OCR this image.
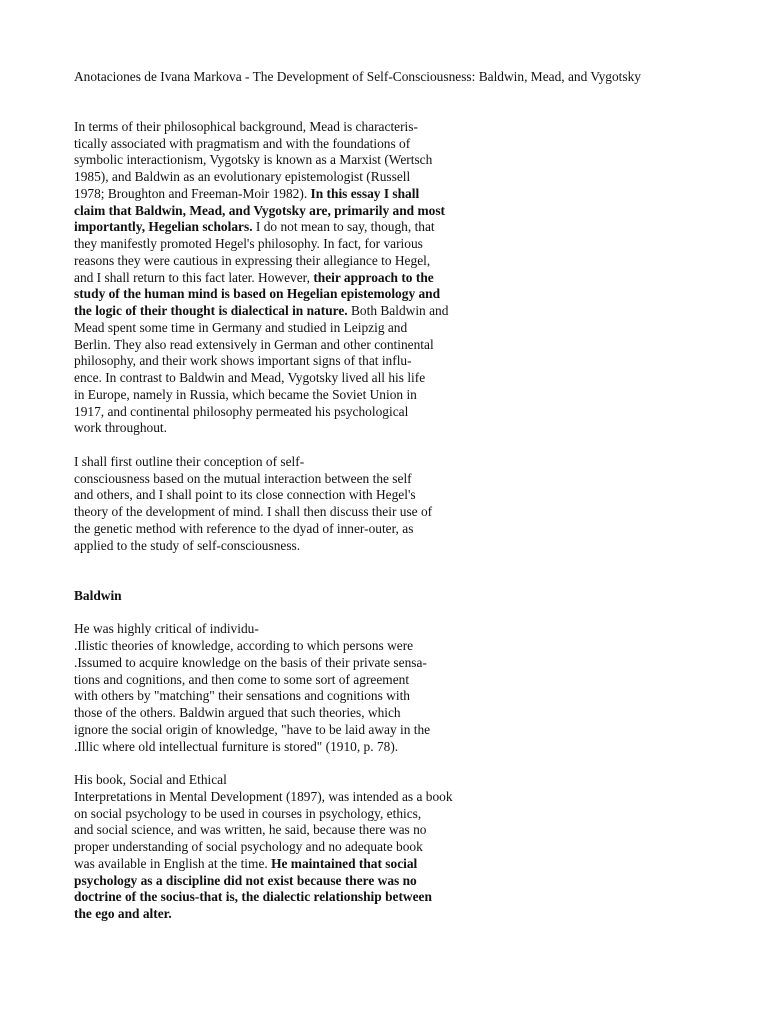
Anotaciones de Ivana Markova - The Development of Self-Consciousness: Baldwin, Mead, and Vygotsky

In terms of their philosophical background, Mead is characteris-
tically associated with pragmatism and with the foundations of
symbolic interactionism, Vygotsky is known as a Marxist (Wertsch
1985), and Baldwin as an evolutionary epistemologist (Russell
1978; Broughton and Freeman-Moir 1982). In this essay I shall
claim that Baldwin, Mead, and Vygotsky are, primarily and most
importantly, Hegelian scholars. I do not mean to say, though, that
they manifestly promoted Hegel's philosophy. In fact, for various
reasons they were cautious in expressing their allegiance to Hegel,
and I shall return to this fact later. However, their approach to the
study of the human mind is based on Hegelian epistemology and
the logic of their thought is dialectical in nature. Both Baldwin and
Mead spent some time in Germany and studied in Leipzig and
Berlin. They also read extensively in German and other continental
philosophy, and their work shows important signs of that influ-
ence. In contrast to Baldwin and Mead, Vygotsky lived all his life
in Europe, namely in Russia, which became the Soviet Union in
1917, and continental philosophy permeated his psychological
work throughout.
I shall first outline their conception of self-
consciousness based on the mutual interaction between the self
and others, and I shall point to its close connection with Hegel's
theory of the development of mind. I shall then discuss their use of
the genetic method with reference to the dyad of inner-outer, as
applied to the study of self-consciousness.
Baldwin
He was highly critical of individu-
.Ilistic theories of knowledge, according to which persons were
.Issumed to acquire knowledge on the basis of their private sensa-
tions and cognitions, and then come to some sort of agreement
with others by "matching" their sensations and cognitions with
those of the others. Baldwin argued that such theories, which
ignore the social origin of knowledge, "have to be laid away in the
.Illic where old intellectual furniture is stored" (1910, p. 78).
His book, Social and Ethical
Interpretations in Mental Development (1897), was intended as a book
on social psychology to be used in courses in psychology, ethics,
and social science, and was written, he said, because there was no
proper understanding of social psychology and no adequate book
was available in English at the time. He maintained that social
psychology as a discipline did not exist because there was no
doctrine of the socius-that is, the dialectic relationship between
the ego and alter.
